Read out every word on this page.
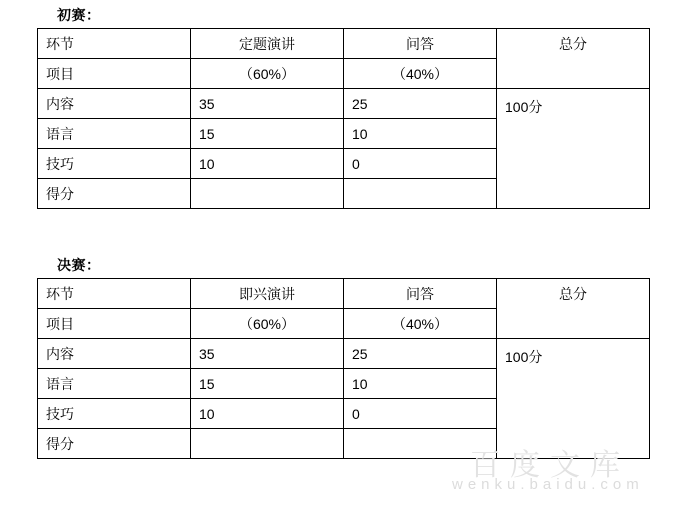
初赛：
环节	定题演讲	问答	总分
项目	（60%）	（40%）	
内容	35	25	100分
语言	15	10	
技巧	10	0	
得分			
决赛：
环节	即兴演讲	问答	总分
项目	（60%）	（40%）	
内容	35	25	100分
语言	15	10	
技巧	10	0	
得分			
百度文库
wenku.baidu.com
